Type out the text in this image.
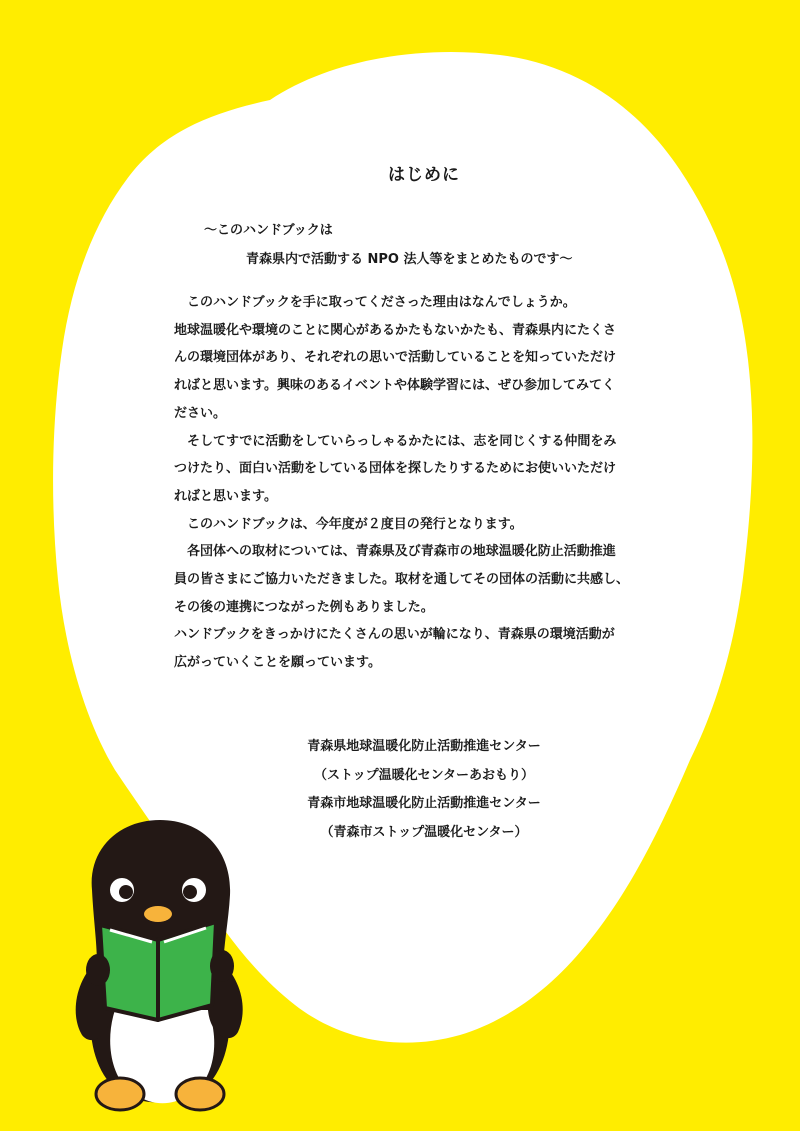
はじめに
〜このハンドブックは
青森県内で活動する NPO 法人等をまとめたものです〜

　このハンドブックを手に取ってくださった理由はなんでしょうか。

地球温暖化や環境のことに関心があるかたもないかたも、青森県内にたくさ

んの環境団体があり、それぞれの思いで活動していることを知っていただけ

ればと思います。興味のあるイベントや体験学習には、ぜひ参加してみてく

ださい。

　そしてすでに活動をしていらっしゃるかたには、志を同じくする仲間をみ

つけたり、面白い活動をしている団体を探したりするためにお使いいただけ

ればと思います。

　このハンドブックは、今年度が２度目の発行となります。

　各団体への取材については、青森県及び青森市の地球温暖化防止活動推進

員の皆さまにご協力いただきました。取材を通してその団体の活動に共感し、

その後の連携につながった例もありました。

ハンドブックをきっかけにたくさんの思いが輪になり、青森県の環境活動が

広がっていくことを願っています。

青森県地球温暖化防止活動推進センター
（ストップ温暖化センターあおもり）
青森市地球温暖化防止活動推進センター
（青森市ストップ温暖化センター）
